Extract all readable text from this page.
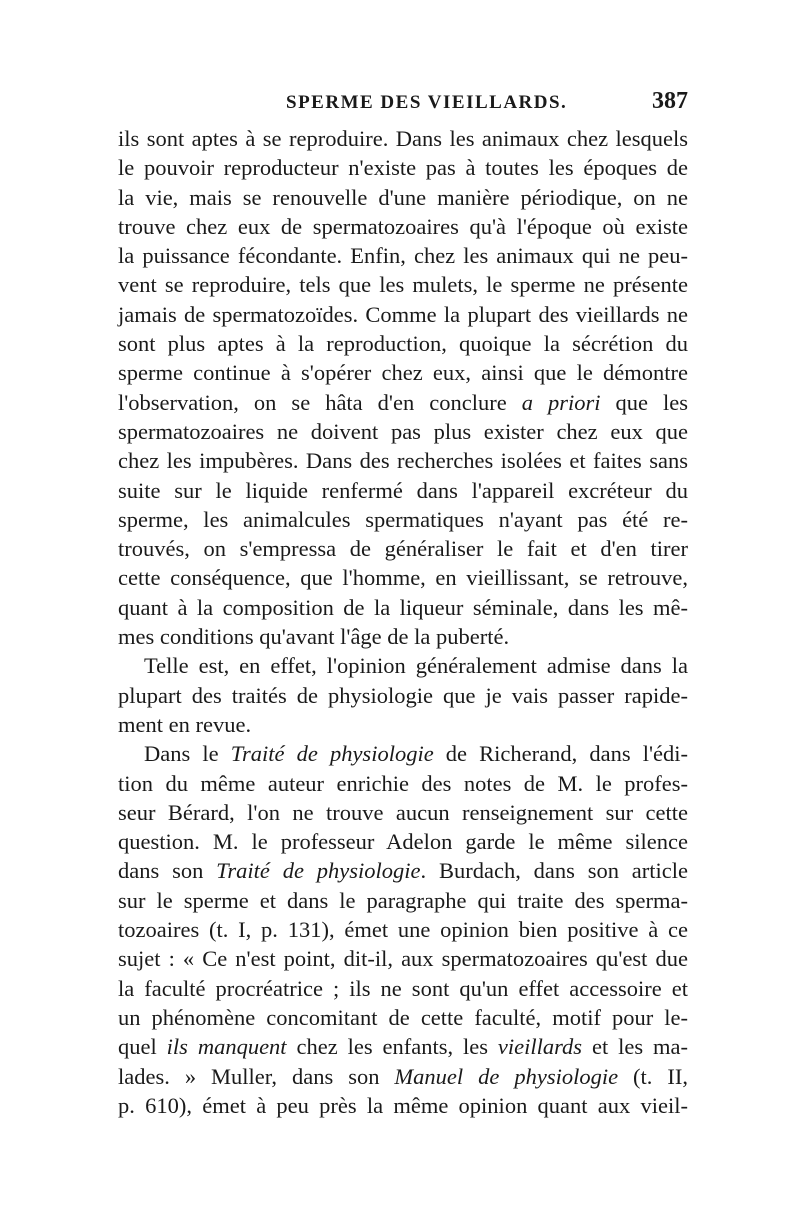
SPERME DES VIEILLARDS.	387
ils sont aptes à se reproduire. Dans les animaux chez lesquels
le pouvoir reproducteur n'existe pas à toutes les époques de
la vie, mais se renouvelle d'une manière périodique, on ne
trouve chez eux de spermatozoaires qu'à l'époque où existe
la puissance fécondante. Enfin, chez les animaux qui ne peu-
vent se reproduire, tels que les mulets, le sperme ne présente
jamais de spermatozoïdes. Comme la plupart des vieillards ne
sont plus aptes à la reproduction, quoique la sécrétion du
sperme continue à s'opérer chez eux, ainsi que le démontre
l'observation, on se hâta d'en conclure a priori que les
spermatozoaires ne doivent pas plus exister chez eux que
chez les impubères. Dans des recherches isolées et faites sans
suite sur le liquide renfermé dans l'appareil excréteur du
sperme, les animalcules spermatiques n'ayant pas été re-
trouvés, on s'empressa de généraliser le fait et d'en tirer
cette conséquence, que l'homme, en vieillissant, se retrouve,
quant à la composition de la liqueur séminale, dans les mê-
mes conditions qu'avant l'âge de la puberté.
Telle est, en effet, l'opinion généralement admise dans la
plupart des traités de physiologie que je vais passer rapide-
ment en revue.
Dans le Traité de physiologie de Richerand, dans l'édi-
tion du même auteur enrichie des notes de M. le profes-
seur Bérard, l'on ne trouve aucun renseignement sur cette
question. M. le professeur Adelon garde le même silence
dans son Traité de physiologie. Burdach, dans son article
sur le sperme et dans le paragraphe qui traite des sperma-
tozoaires (t. I, p. 131), émet une opinion bien positive à ce
sujet : « Ce n'est point, dit-il, aux spermatozoaires qu'est due
la faculté procréatrice ; ils ne sont qu'un effet accessoire et
un phénomène concomitant de cette faculté, motif pour le-
quel ils manquent chez les enfants, les vieillards et les ma-
lades. » Muller, dans son Manuel de physiologie (t. II,
p. 610), émet à peu près la même opinion quant aux vieil-
